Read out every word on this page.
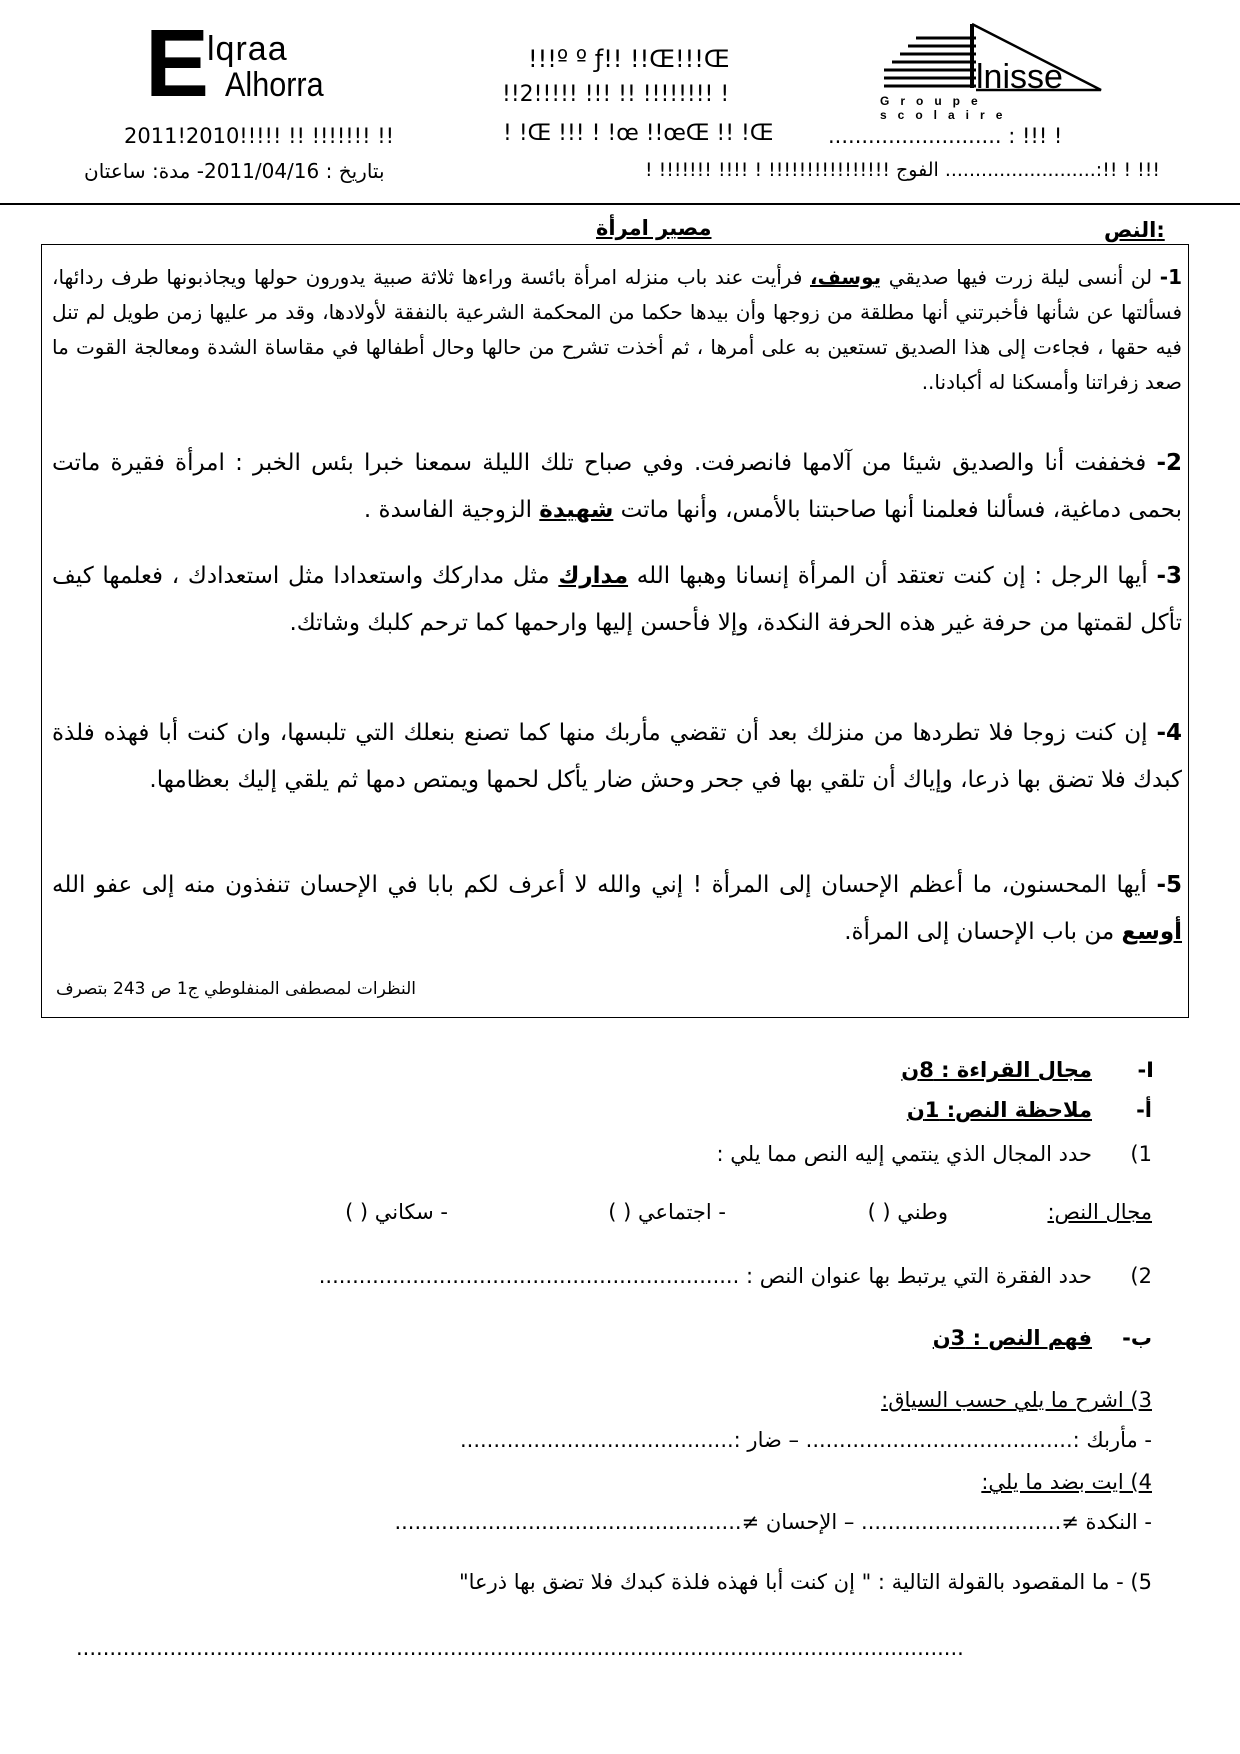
E
lqraa
Alhorra	lnisse
Groupe scolaire
!!!º º ƒ!! !!Œ!!!Œ
!!2!!!!! !!! !! !!!!!!!! !
! !Œ !!! ! !œ !!œŒ !! !Œ
2011!2010!!!!! !! !!!!!!! !!	.......................... : !!! !
!!! ! !!:......................... الفوج !!!!!!!!!!!!!!!! ! !!!! !!!!!!! !
بتاريخ : 2011/04/16- مدة: ساعتان
النص:
مصير امرأة
1- لن أنسى ليلة زرت فيها صديقي يوسف، فرأيت عند باب منزله امرأة بائسة وراءها ثلاثة صبية يدورون حولها ويجاذبونها طرف ردائها، فسألتها عن شأنها فأخبرتني أنها مطلقة من زوجها وأن بيدها حكما من المحكمة الشرعية بالنفقة لأولادها، وقد مر عليها زمن طويل لم تنل فيه حقها ، فجاءت إلى هذا الصديق تستعين به على أمرها ، ثم أخذت تشرح من حالها وحال أطفالها في مقاساة الشدة ومعالجة القوت ما صعد زفراتنا وأمسكنا له أكبادنا..
2- فخففت أنا والصديق شيئا من آلامها فانصرفت. وفي صباح تلك الليلة سمعنا خبرا بئس الخبر : امرأة فقيرة ماتت بحمى دماغية، فسألنا فعلمنا أنها صاحبتنا بالأمس، وأنها ماتت شهيدة الزوجية الفاسدة .
3- أيها الرجل : إن كنت تعتقد أن المرأة إنسانا وهبها الله مدارك مثل مداركك واستعدادا مثل استعدادك ، فعلمها كيف تأكل لقمتها من حرفة غير هذه الحرفة النكدة، وإلا فأحسن إليها وارحمها كما ترحم كلبك وشاتك.
4- إن كنت زوجا فلا تطردها من منزلك بعد أن تقضي مأربك منها كما تصنع بنعلك التي تلبسها، وان كنت أبا فهذه فلذة كبدك فلا تضق بها ذرعا، وإياك أن تلقي بها في جحر وحش ضار يأكل لحمها ويمتص دمها ثم يلقي إليك بعظامها.
5- أيها المحسنون، ما أعظم الإحسان إلى المرأة ! إني والله لا أعرف لكم بابا في الإحسان تنفذون منه إلى عفو الله أوسع من باب الإحسان إلى المرأة.
النظرات لمصطفى المنفلوطي ج1 ص 243 بتصرف
I-
مجال القراءة : 8ن
أ-
ملاحظة النص: 1ن
1)
حدد المجال الذي ينتمي إليه النص مما يلي :
مجال النص:
وطني ( )
- اجتماعي ( )
- سكاني ( )
2)
حدد الفقرة التي يرتبط بها عنوان النص : ...............................................................
ب-
فهم النص : 3ن
3) اشرح ما يلي حسب السياق:
- مأربك :........................................ – ضار :.........................................
4) ايت بضد ما يلي:
- النكدة ≠.............................. – الإحسان ≠....................................................
5) - ما المقصود بالقولة التالية : " إن كنت أبا فهذه فلذة كبدك فلا تضق بها ذرعا"
.....................................................................................................................................
